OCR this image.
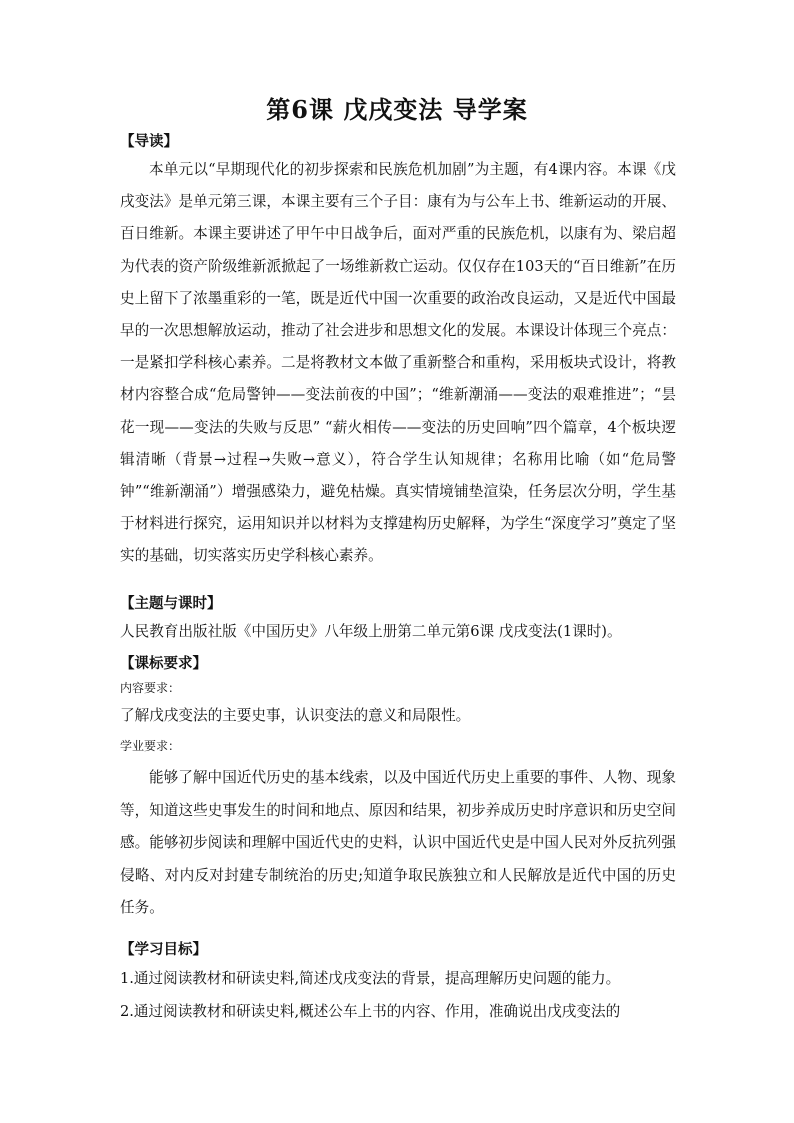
第6课 戊戌变法 导学案

【导读】

本单元以“早期现代化的初步探索和民族危机加剧”为主题，有4课内容。本课《戊戌变法》是单元第三课，本课主要有三个子目：康有为与公车上书、维新运动的开展、百日维新。本课主要讲述了甲午中日战争后，面对严重的民族危机，以康有为、梁启超为代表的资产阶级维新派掀起了一场维新救亡运动。仅仅存在103天的“百日维新”在历史上留下了浓墨重彩的一笔，既是近代中国一次重要的政治改良运动，又是近代中国最早的一次思想解放运动，推动了社会进步和思想文化的发展。本课设计体现三个亮点：一是紧扣学科核心素养。二是将教材文本做了重新整合和重构，采用板块式设计，将教材内容整合成“危局警钟——变法前夜的中国”；“维新潮涌——变法的艰难推进”；“昙花一现——变法的失败与反思” “薪火相传——变法的历史回响”四个篇章，4个板块逻辑清晰（背景→过程→失败→意义），符合学生认知规律；名称用比喻（如“危局警钟”“维新潮涌”）增强感染力，避免枯燥。真实情境铺垫渲染，任务层次分明，学生基于材料进行探究，运用知识并以材料为支撑建构历史解释，为学生“深度学习”奠定了坚实的基础，切实落实历史学科核心素养。

【主题与课时】

人民教育出版社版《中国历史》八年级上册第二单元第6课 戊戌变法(1课时)。

【课标要求】

内容要求：

了解戊戌变法的主要史事，认识变法的意义和局限性。

学业要求：

能够了解中国近代历史的基本线索，以及中国近代历史上重要的事件、人物、现象等，知道这些史事发生的时间和地点、原因和结果，初步养成历史时序意识和历史空间感。能够初步阅读和理解中国近代史的史料，认识中国近代史是中国人民对外反抗列强侵略、对内反对封建专制统治的历史;知道争取民族独立和人民解放是近代中国的历史任务。

【学习目标】

1.通过阅读教材和研读史料,简述戊戌变法的背景，提高理解历史问题的能力。

2.通过阅读教材和研读史料,概述公车上书的内容、作用，准确说出戊戌变法的
